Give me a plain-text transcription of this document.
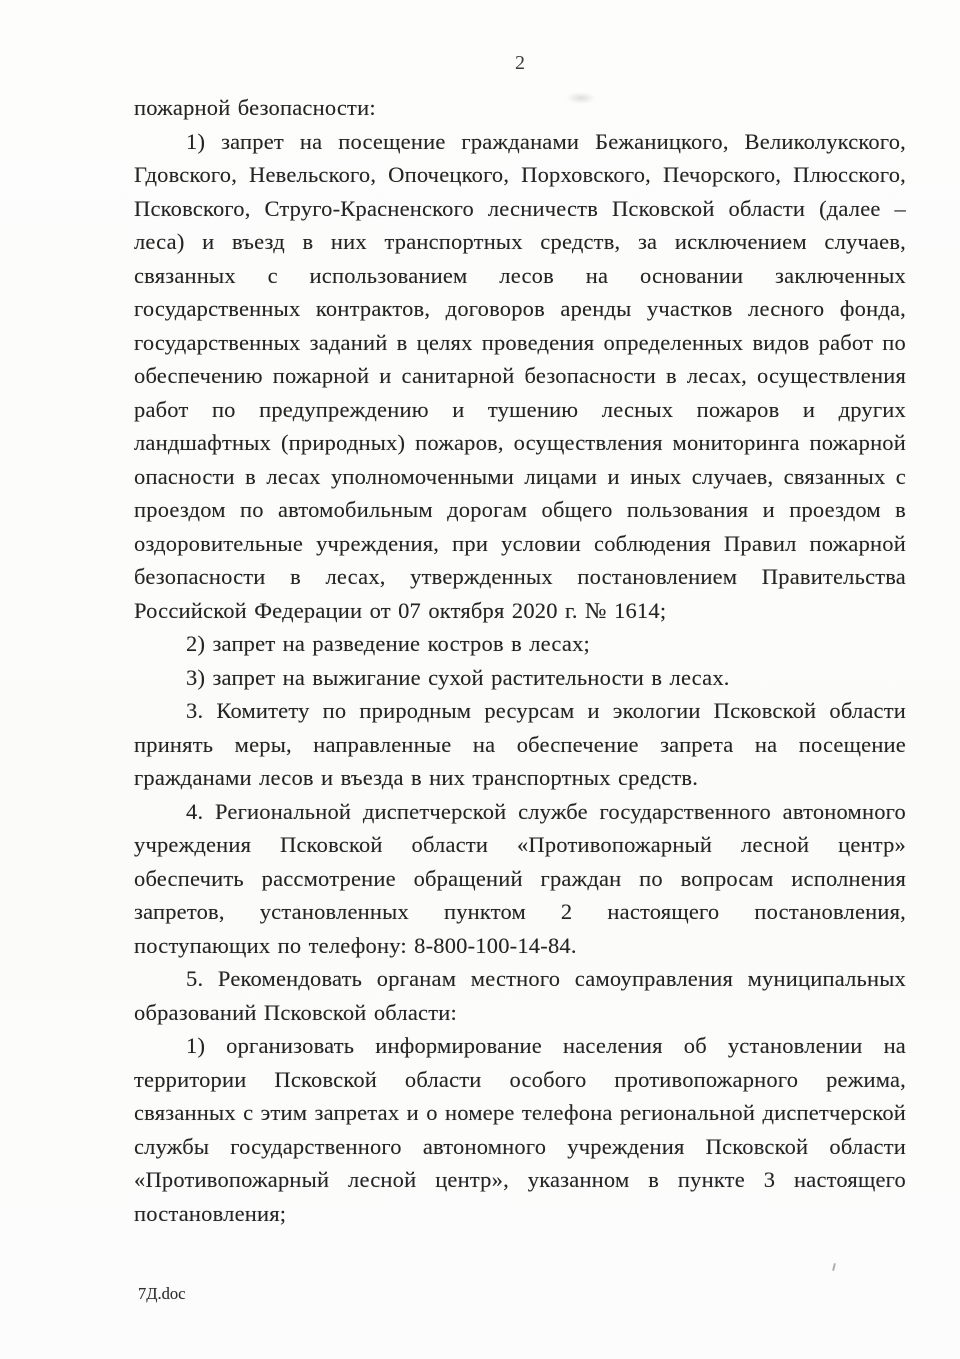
2

пожарной безопасности:

1) запрет на посещение гражданами Бежаницкого, Великолукского, Гдовского, Невельского, Опочецкого, Порховского, Печорского, Плюсского, Псковского, Струго-Красненского лесничеств Псковской области (далее – леса) и въезд в них транспортных средств, за исключением случаев, связанных с использованием лесов на основании заключенных государственных контрактов, договоров аренды участков лесного фонда, государственных заданий в целях проведения определенных видов работ по обеспечению пожарной и санитарной безопасности в лесах, осуществления работ по предупреждению и тушению лесных пожаров и других ландшафтных (природных) пожаров, осуществления мониторинга пожарной опасности в лесах уполномоченными лицами и иных случаев, связанных с проездом по автомобильным дорогам общего пользования и проездом в оздоровительные учреждения, при условии соблюдения Правил пожарной безопасности в лесах, утвержденных постановлением Правительства Российской Федерации от 07 октября 2020 г. № 1614;

2) запрет на разведение костров в лесах;

3) запрет на выжигание сухой растительности в лесах.

3. Комитету по природным ресурсам и экологии Псковской области принять меры, направленные на обеспечение запрета на посещение гражданами лесов и въезда в них транспортных средств.

4. Региональной диспетчерской службе государственного автономного учреждения Псковской области «Противопожарный лесной центр» обеспечить рассмотрение обращений граждан по вопросам исполнения запретов, установленных пунктом 2 настоящего постановления, поступающих по телефону: 8-800-100-14-84.

5. Рекомендовать органам местного самоуправления муниципальных образований Псковской области:

1) организовать информирование населения об установлении на территории Псковской области особого противопожарного режима, связанных с этим запретах и о номере телефона региональной диспетчерской службы государственного автономного учреждения Псковской области «Противопожарный лесной центр», указанном в пункте 3 настоящего постановления;

7Д.doc
